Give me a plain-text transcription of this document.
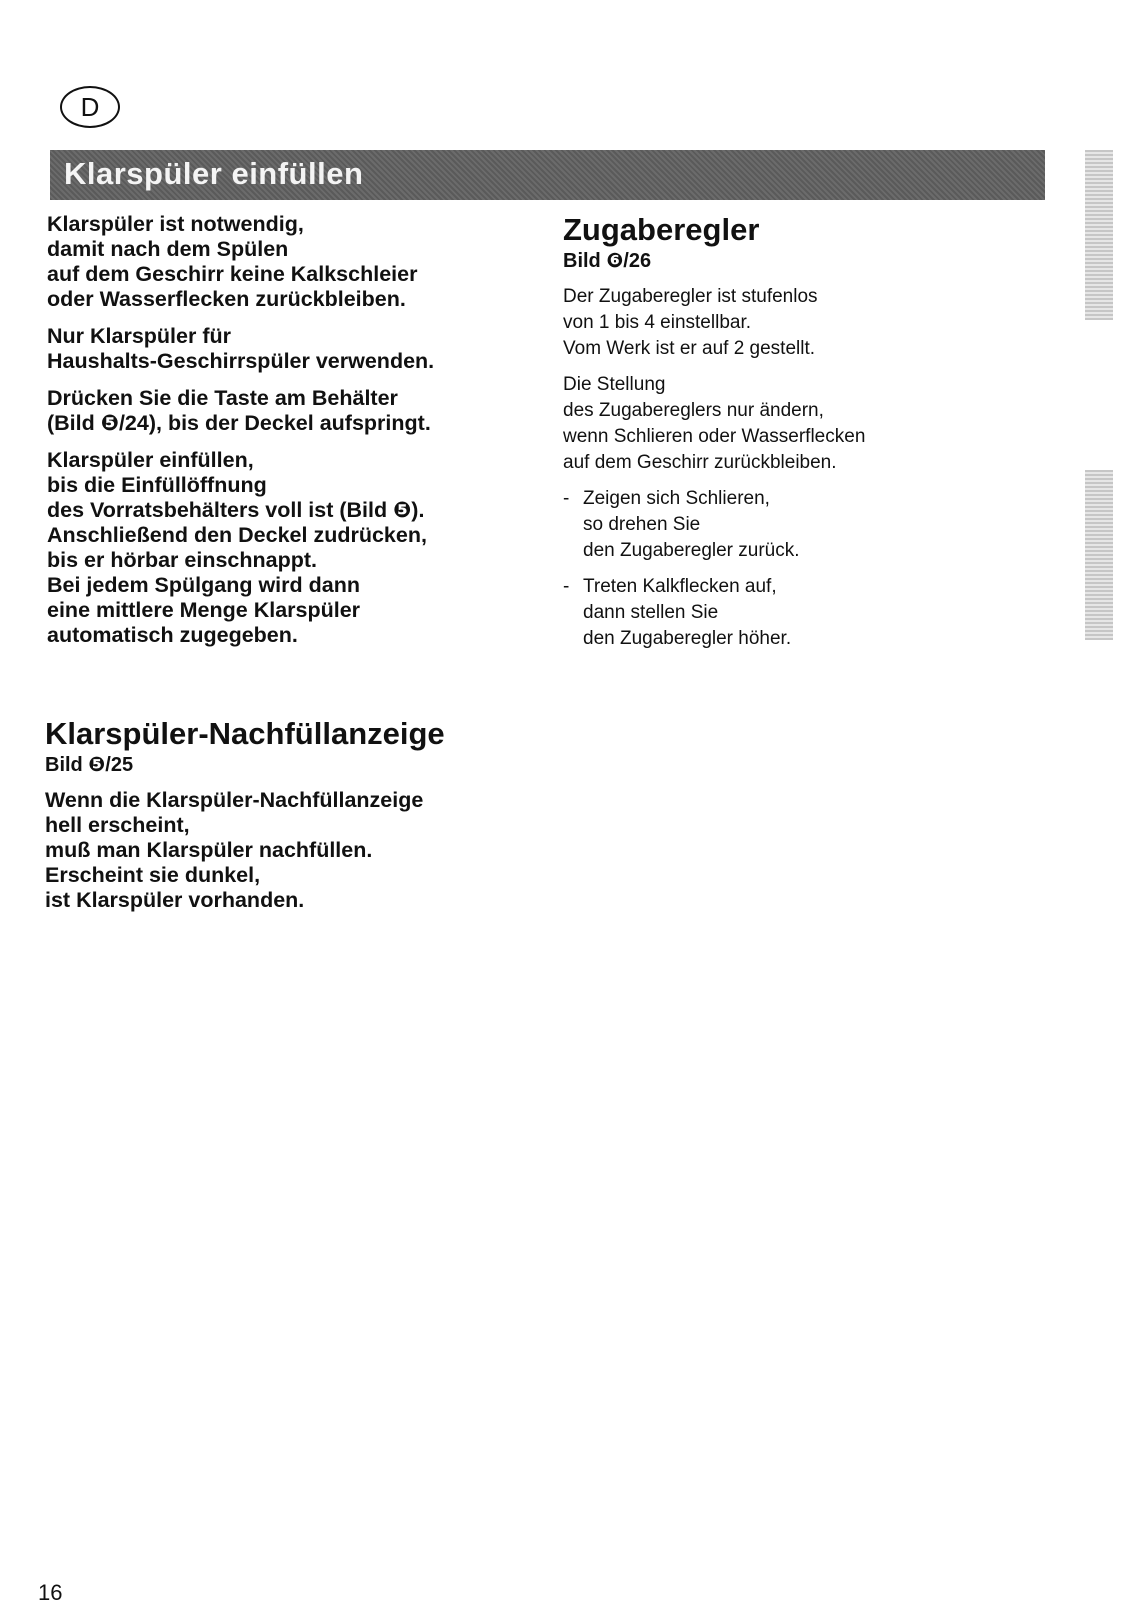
D
Klarspüler einfüllen

Klarspüler ist notwendig,
damit nach dem Spülen
auf dem Geschirr keine Kalkschleier
oder Wasserflecken zurückbleiben.

Nur Klarspüler für
Haushalts-Geschirrspüler verwenden.

Drücken Sie die Taste am Behälter
(Bild ❺/24), bis der Deckel aufspringt.

Klarspüler einfüllen,
bis die Einfüllöffnung
des Vorratsbehälters voll ist (Bild ❺).
Anschließend den Deckel zudrücken,
bis er hörbar einschnappt.
Bei jedem Spülgang wird dann
eine mittlere Menge Klarspüler
automatisch zugegeben.

Klarspüler-Nachfüllanzeige

Bild ❺/25

Wenn die Klarspüler-Nachfüllanzeige
hell erscheint,
muß man Klarspüler nachfüllen.
Erscheint sie dunkel,
ist Klarspüler vorhanden.

Zugaberegler

Bild ❻/26

Der Zugaberegler ist stufenlos
von 1 bis 4 einstellbar.
Vom Werk ist er auf 2 gestellt.

Die Stellung
des Zugabereglers nur ändern,
wenn Schlieren oder Wasserflecken
auf dem Geschirr zurückbleiben.

- Zeigen sich Schlieren,
so drehen Sie
den Zugaberegler zurück.
- Treten Kalkflecken auf,
dann stellen Sie
den Zugaberegler höher.
16
